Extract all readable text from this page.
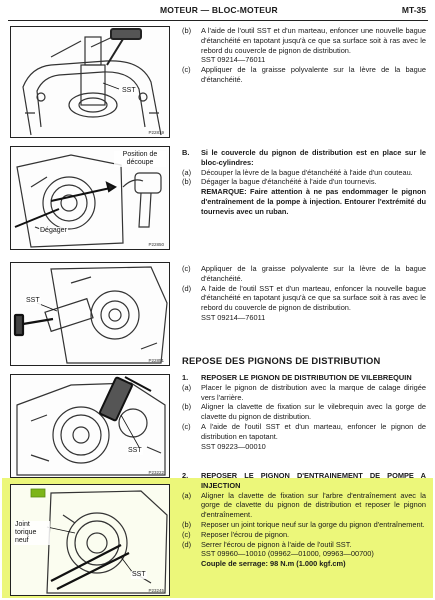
MOTEUR — BLOC-MOTEUR	MT-35
SST
P22819
Position de découpe
Dégager
P22850
SST
P22851
SST
P23222
Joint torique neuf
SST
P23245
(b)	A l'aide de l'outil SST et d'un marteau, enfoncer une nouvelle bague d'étanchéité en tapotant jusqu'à ce que sa surface soit à ras avec le rebord du couvercle de pignon de distribution.
SST 09214—76011
(c)	Appliquer de la graisse polyvalente sur la lèvre de la bague d'étanchéité.
B.	Si le couvercle du pignon de distribution est en place sur le bloc-cylindres:
(a)	Découper la lèvre de la bague d'étanchéité à l'aide d'un couteau.
(b)	Dégager la bague d'étanchéité à l'aide d'un tournevis.
REMARQUE: Faire attention à ne pas endommager le pignon d'entraînement de la pompe à injection. Entourer l'extrémité du tournevis avec un ruban.
(c)	Appliquer de la graisse polyvalente sur la lèvre de la bague d'étanchéité.
(d)	A l'aide de l'outil SST et d'un marteau, enfoncer la nouvelle bague d'étanchéité en tapotant jusqu'à ce que sa surface soit à ras avec le rebord du couvercle de pignon de distribution.
SST 09214—76011
REPOSE DES PIGNONS DE DISTRIBUTION
1.	REPOSER LE PIGNON DE DISTRIBUTION DE VILEBREQUIN
(a)	Placer le pignon de distribution avec la marque de calage dirigée vers l'arrière.
(b)	Aligner la clavette de fixation sur le vilebrequin avec la gorge de clavette du pignon de distribution.
(c)	A l'aide de l'outil SST et d'un marteau, enfoncer le pignon de distribution en tapotant.
SST 09223—00010
2.	REPOSER LE PIGNON D'ENTRAINEMENT DE POMPE A INJECTION
(a)	Aligner la clavette de fixation sur l'arbre d'entraînement avec la gorge de clavette du pignon de distribution et reposer le pignon d'entraînement.
(b)	Reposer un joint torique neuf sur la gorge du pignon d'entraînement.
(c)	Reposer l'écrou de pignon.
(d)	Serrer l'écrou de pignon à l'aide de l'outil SST.
SST 09960—10010 (09962—01000, 09963—00700)
Couple de serrage: 98 N.m (1.000 kgf.cm)
